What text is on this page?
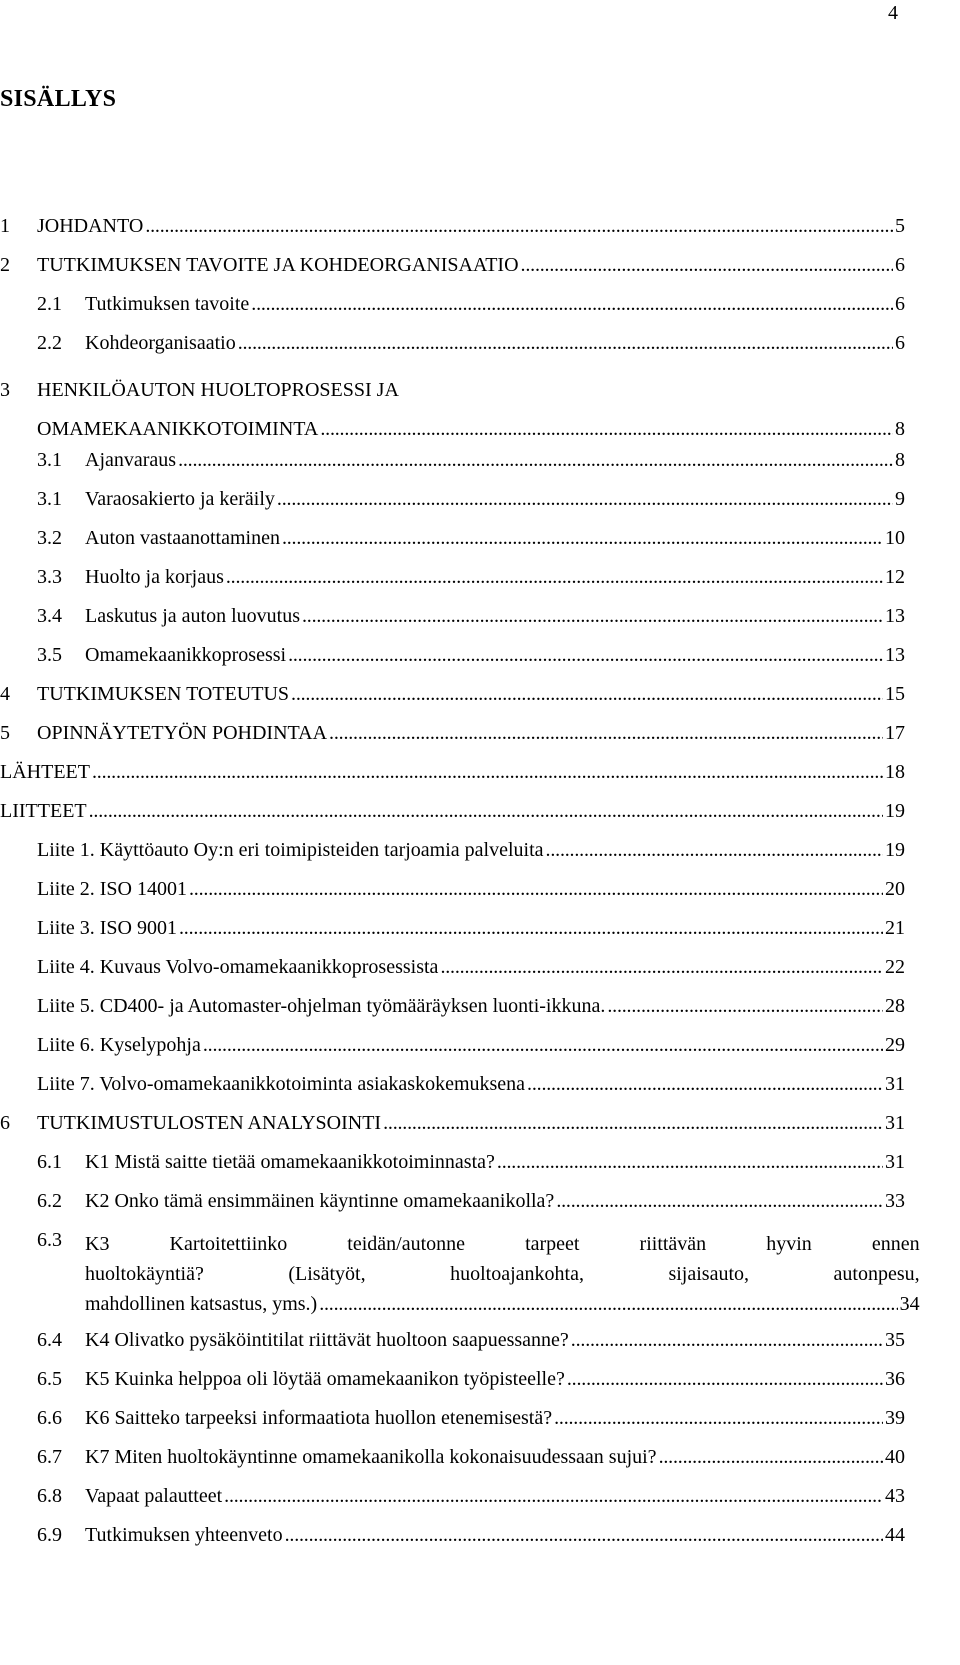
4
SISÄLLYS
1	JOHDANTO . . .	5
2	TUTKIMUKSEN TAVOITE JA KOHDEORGANISAATIO . . .	6
2.1	Tutkimuksen tavoite . . .	6
2.2	Kohdeorganisaatio . . .	6
3	HENKILÖAUTON HUOLTOPROSESSI JA
OMAMEKAANIKKOTOIMINTA . . .	8
3.1	Ajanvaraus . . .	8
3.1	Varaosakierto ja keräily . . .	9
3.2	Auton vastaanottaminen . . .	10
3.3	Huolto ja korjaus . . .	12
3.4	Laskutus ja auton luovutus . . .	13
3.5	Omamekaanikkoprosessi . . .	13
4	TUTKIMUKSEN TOTEUTUS . . .	15
5	OPINNÄYTETYÖN POHDINTAA . . .	17
LÄHTEET . . .	18
LIITTEET . . .	19
Liite 1. Käyttöauto Oy:n eri toimipisteiden tarjoamia palveluita . . .	19
Liite 2. ISO 14001 . . .	20
Liite 3. ISO 9001 . . .	21
Liite 4. Kuvaus Volvo-omamekaanikkoprosessista . . .	22
Liite 5. CD400- ja Automaster-ohjelman työmääräyksen luonti-ikkuna. . . .	28
Liite 6. Kyselypohja . . .	29
Liite 7. Volvo-omamekaanikkotoiminta asiakaskokemuksena . . .	31
6	TUTKIMUSTULOSTEN ANALYSOINTI . . .	31
6.1	K1 Mistä saitte tietää omamekaanikkotoiminnasta? . . .	31
6.2	K2 Onko tämä ensimmäinen käyntinne omamekaanikolla? . . .	33
6.3	K3 Kartoitettiinko teidän/autonne tarpeet riittävän hyvin ennen
huoltokäyntiä? (Lisätyöt, huoltoajankohta, sijaisauto, autonpesu,
mahdollinen katsastus, yms.) . . .	34
6.4	K4 Olivatko pysäköintitilat riittävät huoltoon saapuessanne? . . .	35
6.5	K5 Kuinka helppoa oli löytää omamekaanikon työpisteelle? . . .	36
6.6	K6 Saitteko tarpeeksi informaatiota huollon etenemisestä? . . .	39
6.7	K7 Miten huoltokäyntinne omamekaanikolla kokonaisuudessaan sujui? . . .	40
6.8	Vapaat palautteet . . .	43
6.9	Tutkimuksen yhteenveto . . .	44
